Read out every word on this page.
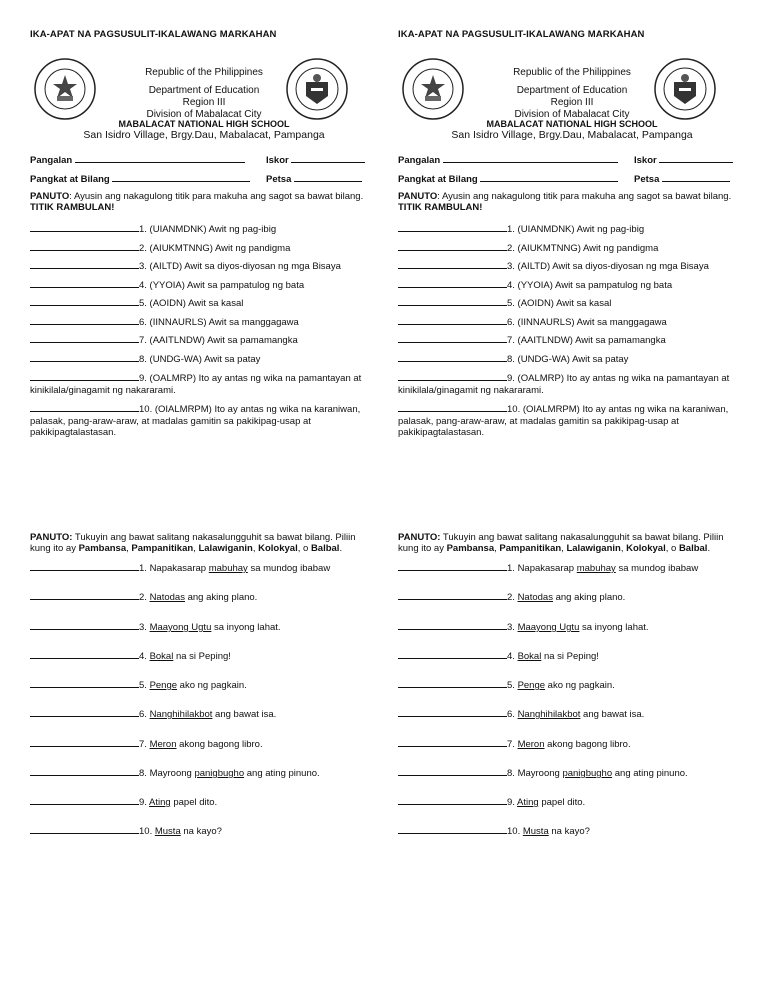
IKA-APAT NA PAGSUSULIT-IKALAWANG MARKAHAN
Republic of the Philippines
Department of Education
Region III
Division of Mabalacat City
MABALACAT NATIONAL HIGH SCHOOL
San Isidro Village, Brgy.Dau, Mabalacat, Pampanga
Pangalan	Iskor
Pangkat at Bilang	Petsa
PANUTO: Ayusin ang nakagulong titik para makuha ang sagot sa bawat bilang. TITIK RAMBULAN!
1. (UIANMDNK) Awit ng pag-ibig
2. (AIUKMTNNG) Awit ng pandigma
3. (AILTD) Awit sa diyos-diyosan ng mga Bisaya
4. (YYOIA) Awit sa pampatulog ng bata
5. (AOIDN) Awit sa kasal
6. (IINNAURLS) Awit sa manggagawa
7. (AAITLNDW) Awit sa pamamangka
8. (UNDG-WA) Awit sa patay
9. (OALMRP) Ito ay antas ng wika na pamantayan at kinikilala/ginagamit ng nakararami.
10. (OIALMRPM) Ito ay antas ng wika na karaniwan, palasak, pang-araw-araw, at madalas gamitin sa pakikipag-usap at pakikipagtalastasan.
PANUTO: Tukuyin ang bawat salitang nakasalungguhit sa bawat bilang. Piliin kung ito ay Pambansa, Pampanitikan, Lalawiganin, Kolokyal, o Balbal.
1. Napakasarap mabuhay sa mundog ibabaw
2. Natodas ang aking plano.
3. Maayong Ugtu sa inyong lahat.
4. Bokal na si Peping!
5. Penge ako ng pagkain.
6. Nanghihilakbot ang bawat isa.
7. Meron akong bagong libro.
8. Mayroong panigbugho ang ating pinuno.
9. Ating papel dito.
10. Musta na kayo?
IKA-APAT NA PAGSUSULIT-IKALAWANG MARKAHAN
Republic of the Philippines
Department of Education
Region III
Division of Mabalacat City
MABALACAT NATIONAL HIGH SCHOOL
San Isidro Village, Brgy.Dau, Mabalacat, Pampanga
Pangalan	Iskor
Pangkat at Bilang	Petsa
PANUTO: Ayusin ang nakagulong titik para makuha ang sagot sa bawat bilang. TITIK RAMBULAN!
1. (UIANMDNK) Awit ng pag-ibig
2. (AIUKMTNNG) Awit ng pandigma
3. (AILTD) Awit sa diyos-diyosan ng mga Bisaya
4. (YYOIA) Awit sa pampatulog ng bata
5. (AOIDN) Awit sa kasal
6. (IINNAURLS) Awit sa manggagawa
7. (AAITLNDW) Awit sa pamamangka
8. (UNDG-WA) Awit sa patay
9. (OALMRP) Ito ay antas ng wika na pamantayan at kinikilala/ginagamit ng nakararami.
10. (OIALMRPM) Ito ay antas ng wika na karaniwan, palasak, pang-araw-araw, at madalas gamitin sa pakikipag-usap at pakikipagtalastasan.
PANUTO: Tukuyin ang bawat salitang nakasalungguhit sa bawat bilang. Piliin kung ito ay Pambansa, Pampanitikan, Lalawiganin, Kolokyal, o Balbal.
1. Napakasarap mabuhay sa mundog ibabaw
2. Natodas ang aking plano.
3. Maayong Ugtu sa inyong lahat.
4. Bokal na si Peping!
5. Penge ako ng pagkain.
6. Nanghihilakbot ang bawat isa.
7. Meron akong bagong libro.
8. Mayroong panigbugho ang ating pinuno.
9. Ating papel dito.
10. Musta na kayo?
